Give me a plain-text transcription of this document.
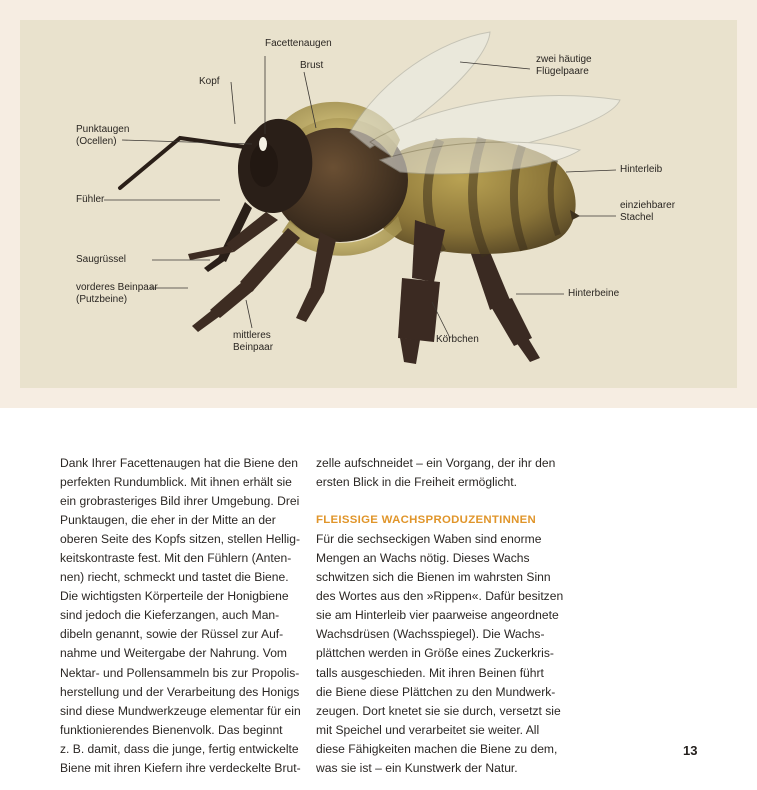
Facettenaugen
Kopf
Brust
zwei häutige
Flügelpaare
Punktaugen
(Ocellen)
Fühler
Hinterleib
einziehbarer
Stachel
Saugrüssel
vorderes Beinpaar
(Putzbeine)
Hinterbeine
mittleres
Beinpaar
Körbchen

Dank Ihrer Facettenaugen hat die Biene den

perfekten Rundumblick. Mit ihnen erhält sie

ein grobrasteriges Bild ihrer Umgebung. Drei

Punktaugen, die eher in der Mitte an der

oberen Seite des Kopfs sitzen, stellen Hellig-

keitskontraste fest. Mit den Fühlern (Anten-

nen) riecht, schmeckt und tastet die Biene.

Die wichtigsten Körperteile der Honigbiene

sind jedoch die Kieferzangen, auch Man-

dibeln genannt, sowie der Rüssel zur Auf-

nahme und Weitergabe der Nahrung. Vom

Nektar- und Pollensammeln bis zur Propolis-

herstellung und der Verarbeitung des Honigs

sind diese Mundwerkzeuge elementar für ein

funktionierendes Bienenvolk. Das beginnt

z. B. damit, dass die junge, fertig entwickelte

Biene mit ihren Kiefern ihre verdeckelte Brut-

zelle aufschneidet – ein Vorgang, der ihr den

ersten Blick in die Freiheit ermöglicht.

FLEISSIGE WACHSPRODUZENTINNEN

Für die sechseckigen Waben sind enorme

Mengen an Wachs nötig. Dieses Wachs

schwitzen sich die Bienen im wahrsten Sinn

des Wortes aus den »Rippen«. Dafür besitzen

sie am Hinterleib vier paarweise angeordnete

Wachsdrüsen (Wachsspiegel). Die Wachs-

plättchen werden in Größe eines Zuckerkris-

talls ausgeschieden. Mit ihren Beinen führt

die Biene diese Plättchen zu den Mundwerk-

zeugen. Dort knetet sie sie durch, versetzt sie

mit Speichel und verarbeitet sie weiter. All

diese Fähigkeiten machen die Biene zu dem,

was sie ist – ein Kunstwerk der Natur.

13
